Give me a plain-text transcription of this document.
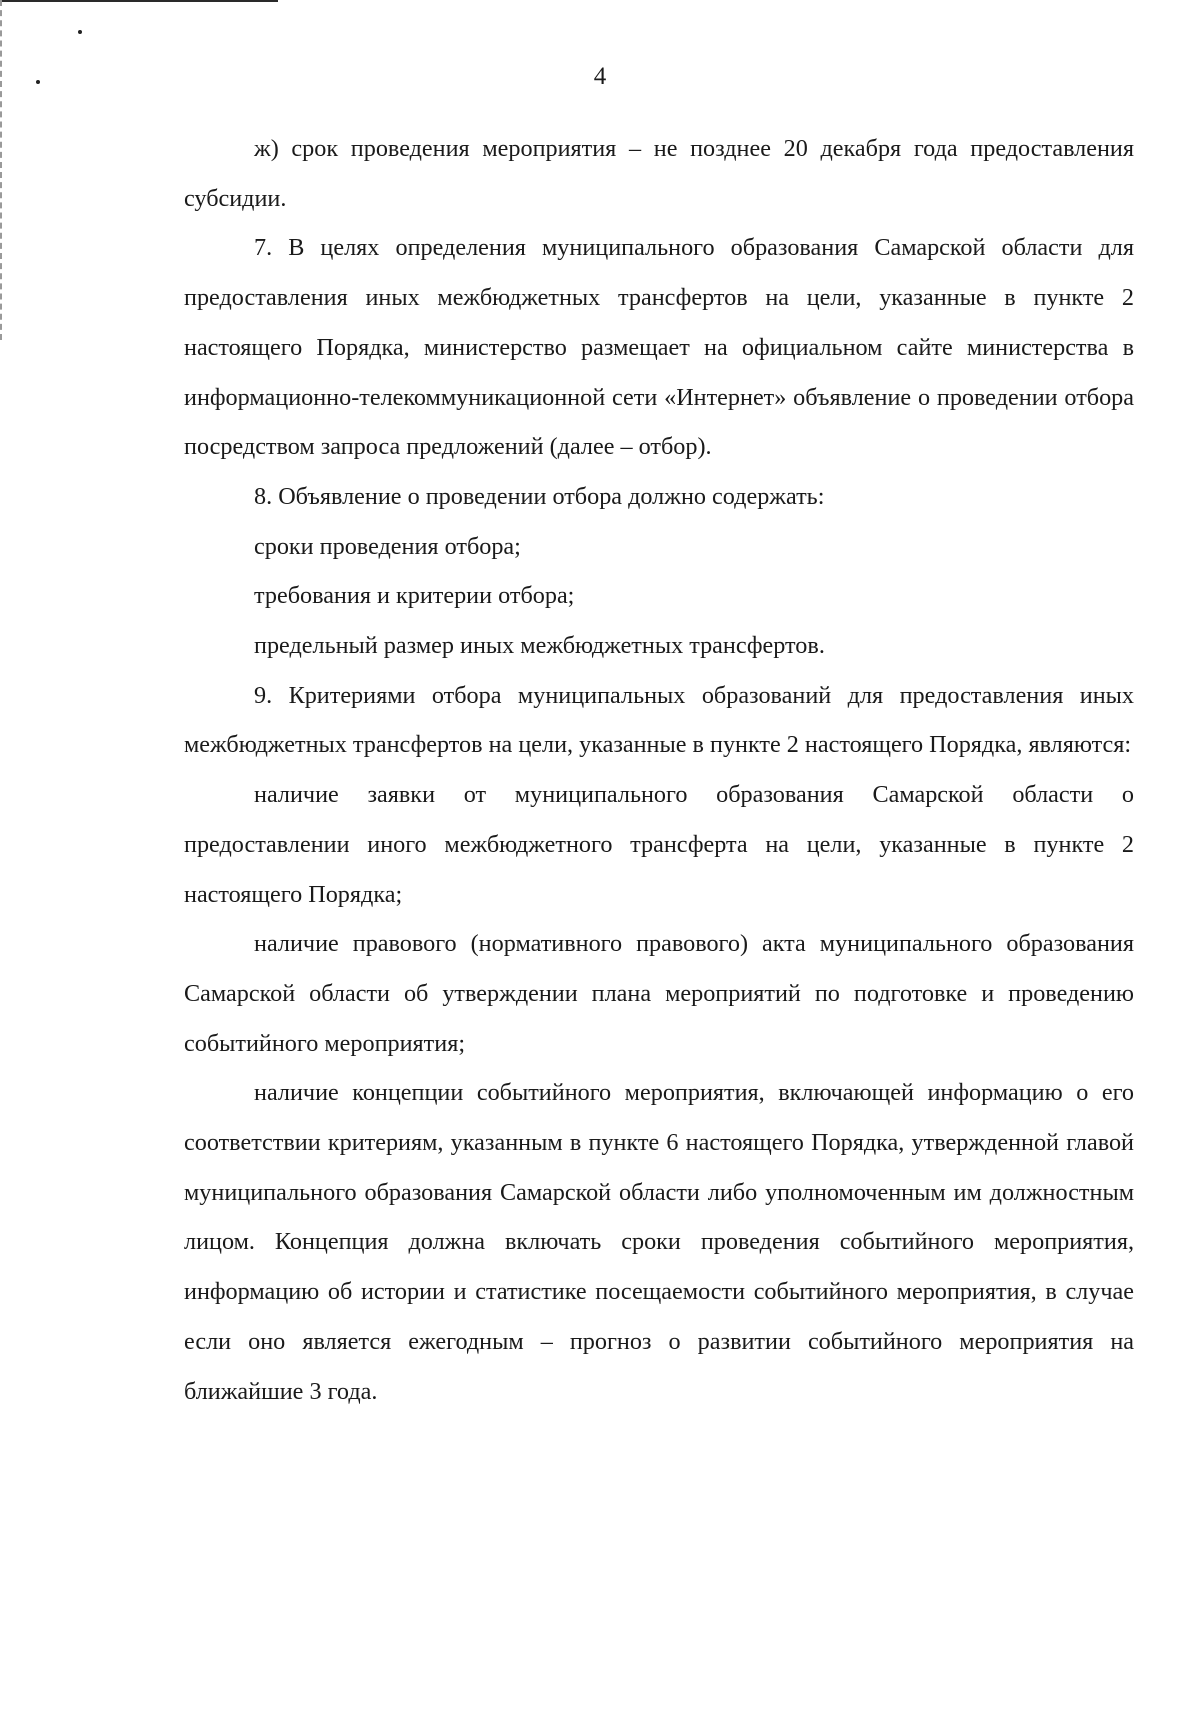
4

ж) срок проведения мероприятия – не позднее 20 декабря года предоставления субсидии.

7. В целях определения муниципального образования Самарской области для предоставления иных межбюджетных трансфертов на цели, указанные в пункте 2 настоящего Порядка, министерство размещает на официальном сайте министерства в информационно-телекоммуникационной сети «Интернет» объявление о проведении отбора посредством запроса предложений (далее – отбор).

8. Объявление о проведении отбора должно содержать:

сроки проведения отбора;

требования и критерии отбора;

предельный размер иных межбюджетных трансфертов.

9. Критериями отбора муниципальных образований для предоставления иных межбюджетных трансфертов на цели, указанные в пункте 2 настоящего Порядка, являются:

наличие заявки от муниципального образования Самарской области о предоставлении иного межбюджетного трансферта на цели, указанные в пункте 2 настоящего Порядка;

наличие правового (нормативного правового) акта муниципального образования Самарской области об утверждении плана мероприятий по подготовке и проведению событийного мероприятия;

наличие концепции событийного мероприятия, включающей информацию о его соответствии критериям, указанным в пункте 6 настоящего Порядка, утвержденной главой муниципального образования Самарской области либо уполномоченным им должностным лицом. Концепция должна включать сроки проведения событийного мероприятия, информацию об истории и статистике посещаемости событийного мероприятия, в случае если оно является ежегодным – прогноз о развитии событийного мероприятия на ближайшие 3 года.
